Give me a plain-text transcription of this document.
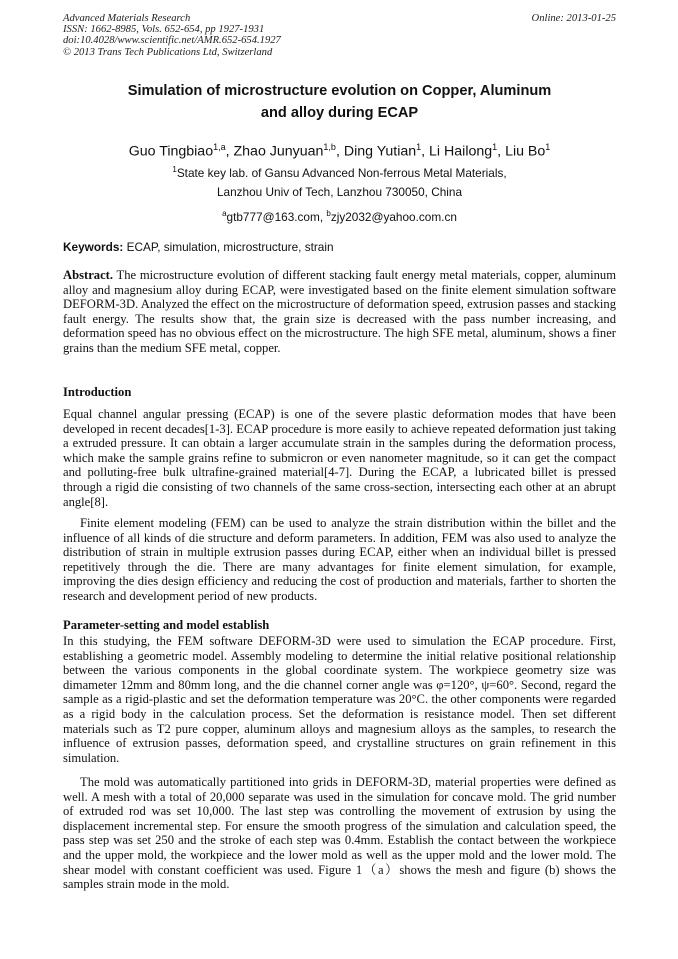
Advanced Materials Research
ISSN: 1662-8985, Vols. 652-654, pp 1927-1931
doi:10.4028/www.scientific.net/AMR.652-654.1927
© 2013 Trans Tech Publications Ltd, Switzerland
Online: 2013-01-25
Simulation of microstructure evolution on Copper, Aluminum
and alloy during ECAP
Guo Tingbiao$^{1,a}$, Zhao Junyuan$^{1,b}$, Ding Yutian$^1$, Li Hailong$^1$, Liu Bo$^1$
$^1$State key lab. of Gansu Advanced Non-ferrous Metal Materials,
Lanzhou Univ of Tech, Lanzhou 730050, China
$^a$gtb777@163.com, $^b$zjy2032@yahoo.com.cn
Keywords: ECAP, simulation, microstructure, strain
Abstract. The microstructure evolution of different stacking fault energy metal materials, copper, aluminum alloy and magnesium alloy during ECAP, were investigated based on the finite element simulation software DEFORM-3D. Analyzed the effect on the microstructure of deformation speed, extrusion passes and stacking fault energy. The results show that, the grain size is decreased with the pass number increasing, and deformation speed has no obvious effect on the microstructure. The high SFE metal, aluminum, shows a finer grains than the medium SFE metal, copper.
Introduction
Equal channel angular pressing (ECAP) is one of the severe plastic deformation modes that have been developed in recent decades[1-3]. ECAP procedure is more easily to achieve repeated deformation just taking a extruded pressure. It can obtain a larger accumulate strain in the samples during the deformation process, which make the sample grains refine to submicron or even nanometer magnitude, so it can get the compact and polluting-free bulk ultrafine-grained material[4-7]. During the ECAP, a lubricated billet is pressed through a rigid die consisting of two channels of the same cross-section, intersecting each other at an abrupt angle[8].
Finite element modeling (FEM) can be used to analyze the strain distribution within the billet and the influence of all kinds of die structure and deform parameters. In addition, FEM was also used to analyze the distribution of strain in multiple extrusion passes during ECAP, either when an individual billet is pressed repetitively through the die. There are many advantages for finite element simulation, for example, improving the dies design efficiency and reducing the cost of production and materials, farther to shorten the research and development period of new products.
Parameter-setting and model establish
In this studying, the FEM software DEFORM-3D were used to simulation the ECAP procedure. First, establishing a geometric model. Assembly modeling to determine the initial relative positional relationship between the various components in the global coordinate system. The workpiece geometry size was dimameter 12mm and 80mm long, and the die channel corner angle was φ=120°, ψ=60°. Second, regard the sample as a rigid-plastic and set the deformation temperature was 20°C. the other components were regarded as a rigid body in the calculation process. Set the deformation is resistance model. Then set different materials such as T2 pure copper, aluminum alloys and magnesium alloys as the samples, to research the influence of extrusion passes, deformation speed, and crystalline structures on grain refinement in this simulation.
The mold was automatically partitioned into grids in DEFORM-3D, material properties were defined as well. A mesh with a total of 20,000 separate was used in the simulation for concave mold. The grid number of extruded rod was set 10,000. The last step was controlling the movement of extrusion by using the displacement incremental step. For ensure the smooth progress of the simulation and calculation speed, the pass step was set 250 and the stroke of each step was 0.4mm. Establish the contact between the workpiece and the upper mold, the workpiece and the lower mold as well as the upper mold and the lower mold. The shear model with constant coefficient was used. Figure 1（a）shows the mesh and figure (b) shows the samples strain mode in the mold.
